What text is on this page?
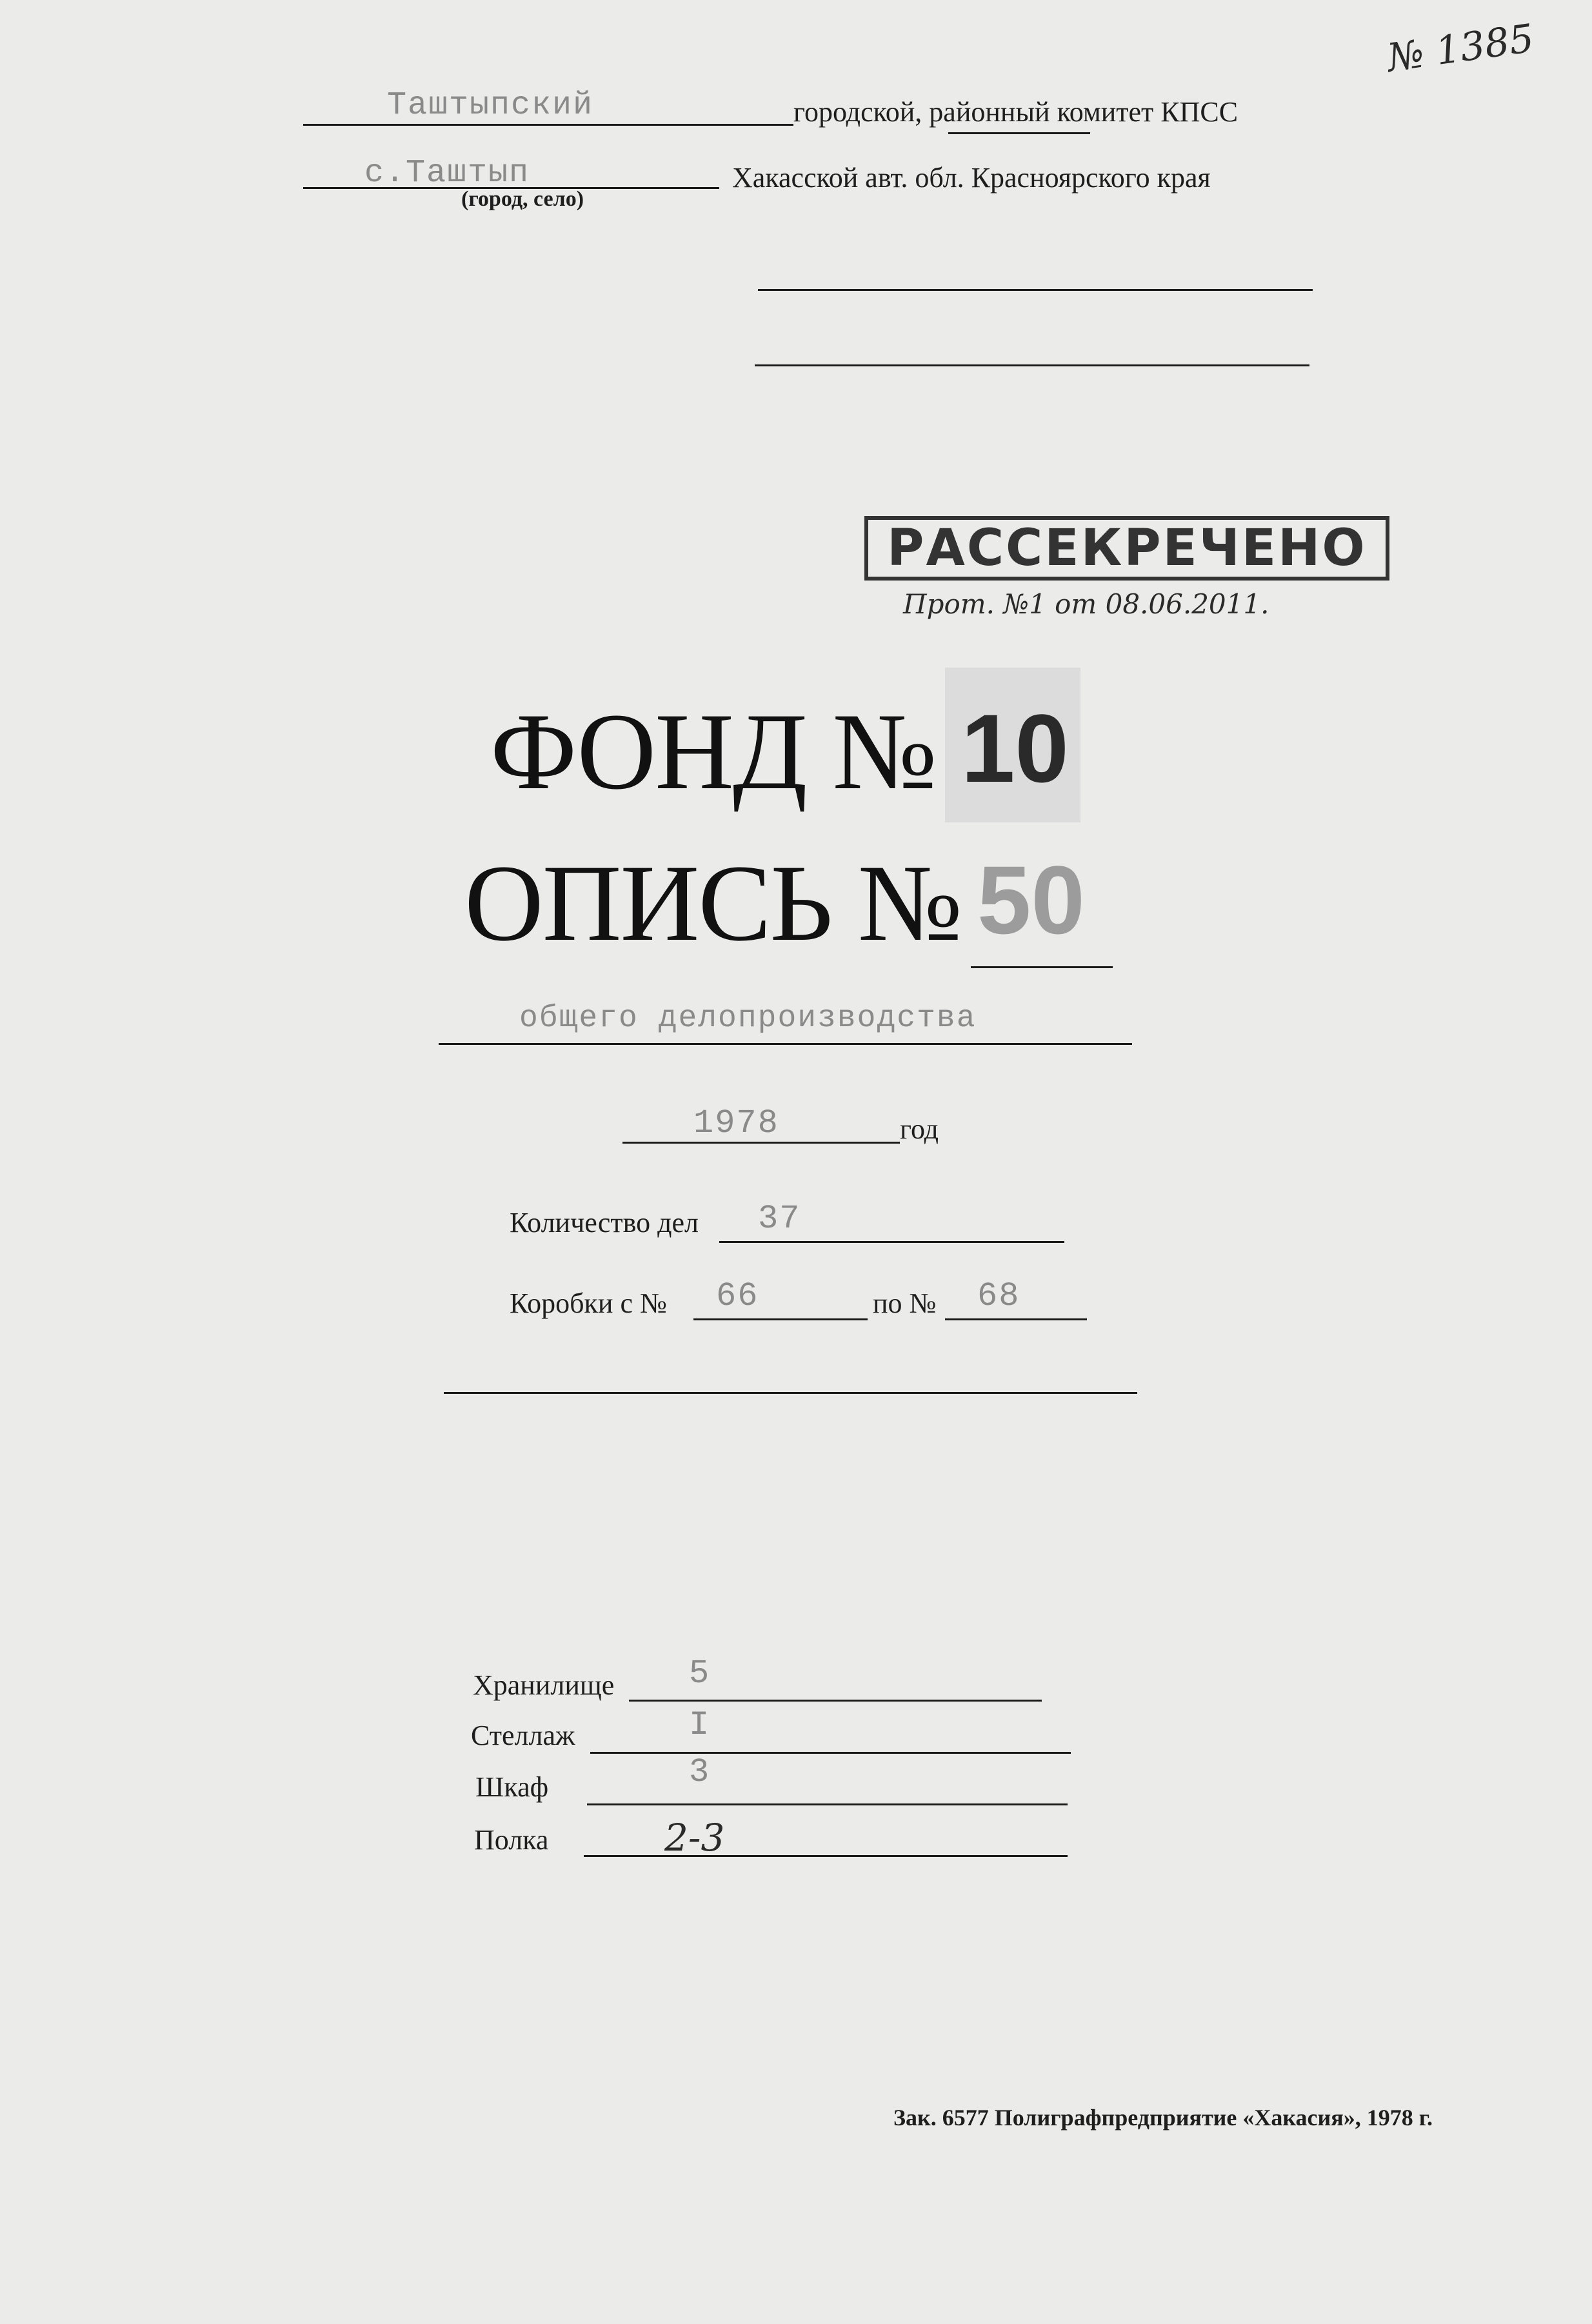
№ 1385
Таштыпский	городской, районный комитет КПСС
с.Таштып
(город, село)
Хакасской авт. обл. Красноярского края
РАССЕКРЕЧЕНО
Прот. №1 от 08.06.2011.
ФОНД № 10
ОПИСЬ № 50
общего делопроизводства
1978	год
Количество дел 37
Коробки с № 66	по № 68
Хранилище 5
Стеллаж	I
Шкаф	3
Полка	2-3
Зак. 6577 Полиграфпредприятие «Хакасия», 1978 г.
